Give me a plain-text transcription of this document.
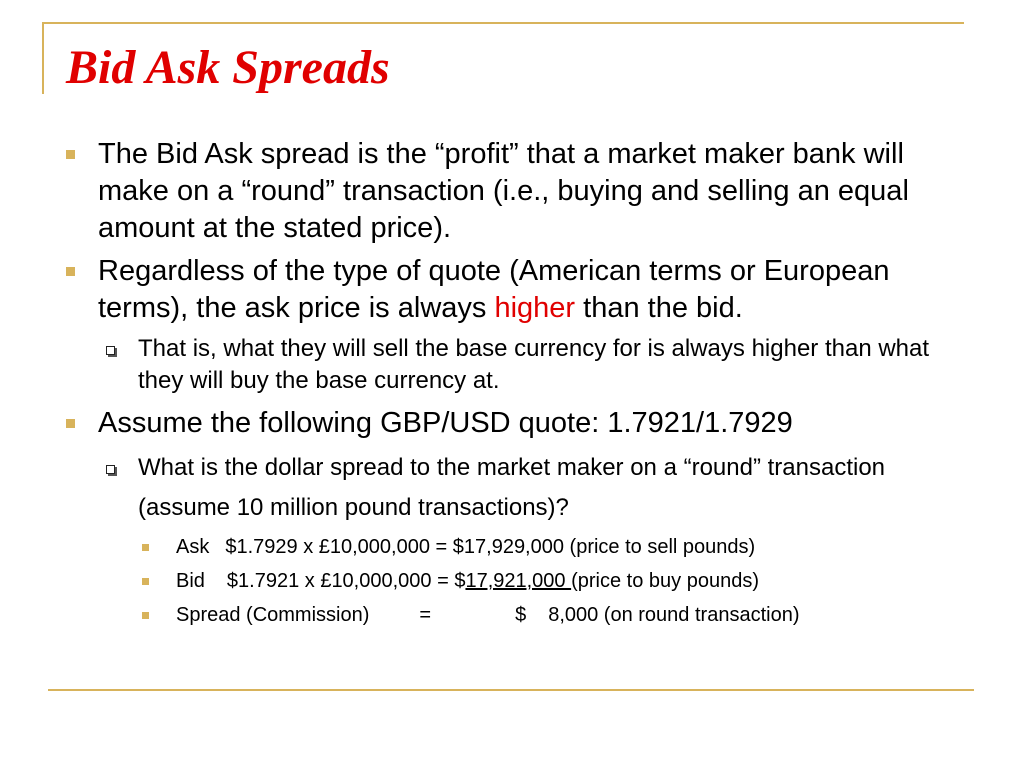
Bid Ask Spreads
The Bid Ask spread is the “profit” that a market maker bank will make on a “round” transaction (i.e., buying and selling an equal amount at the stated price).
Regardless of the type of quote (American terms or European terms), the ask price is always higher than the bid.
That is, what they will sell the base currency for is always higher than what they will buy the base currency at.
Assume the following GBP/USD quote: 1.7921/1.7929
What is the dollar spread to the market maker on a “round” transaction (assume 10 million pound transactions)?
Ask $1.7929 x £10,000,000 = $17,929,000 (price to sell pounds)
Bid $1.7921 x £10,000,000 = $17,921,000 (price to buy pounds)
Spread (Commission)	=	$ 8,000 (on round transaction)
